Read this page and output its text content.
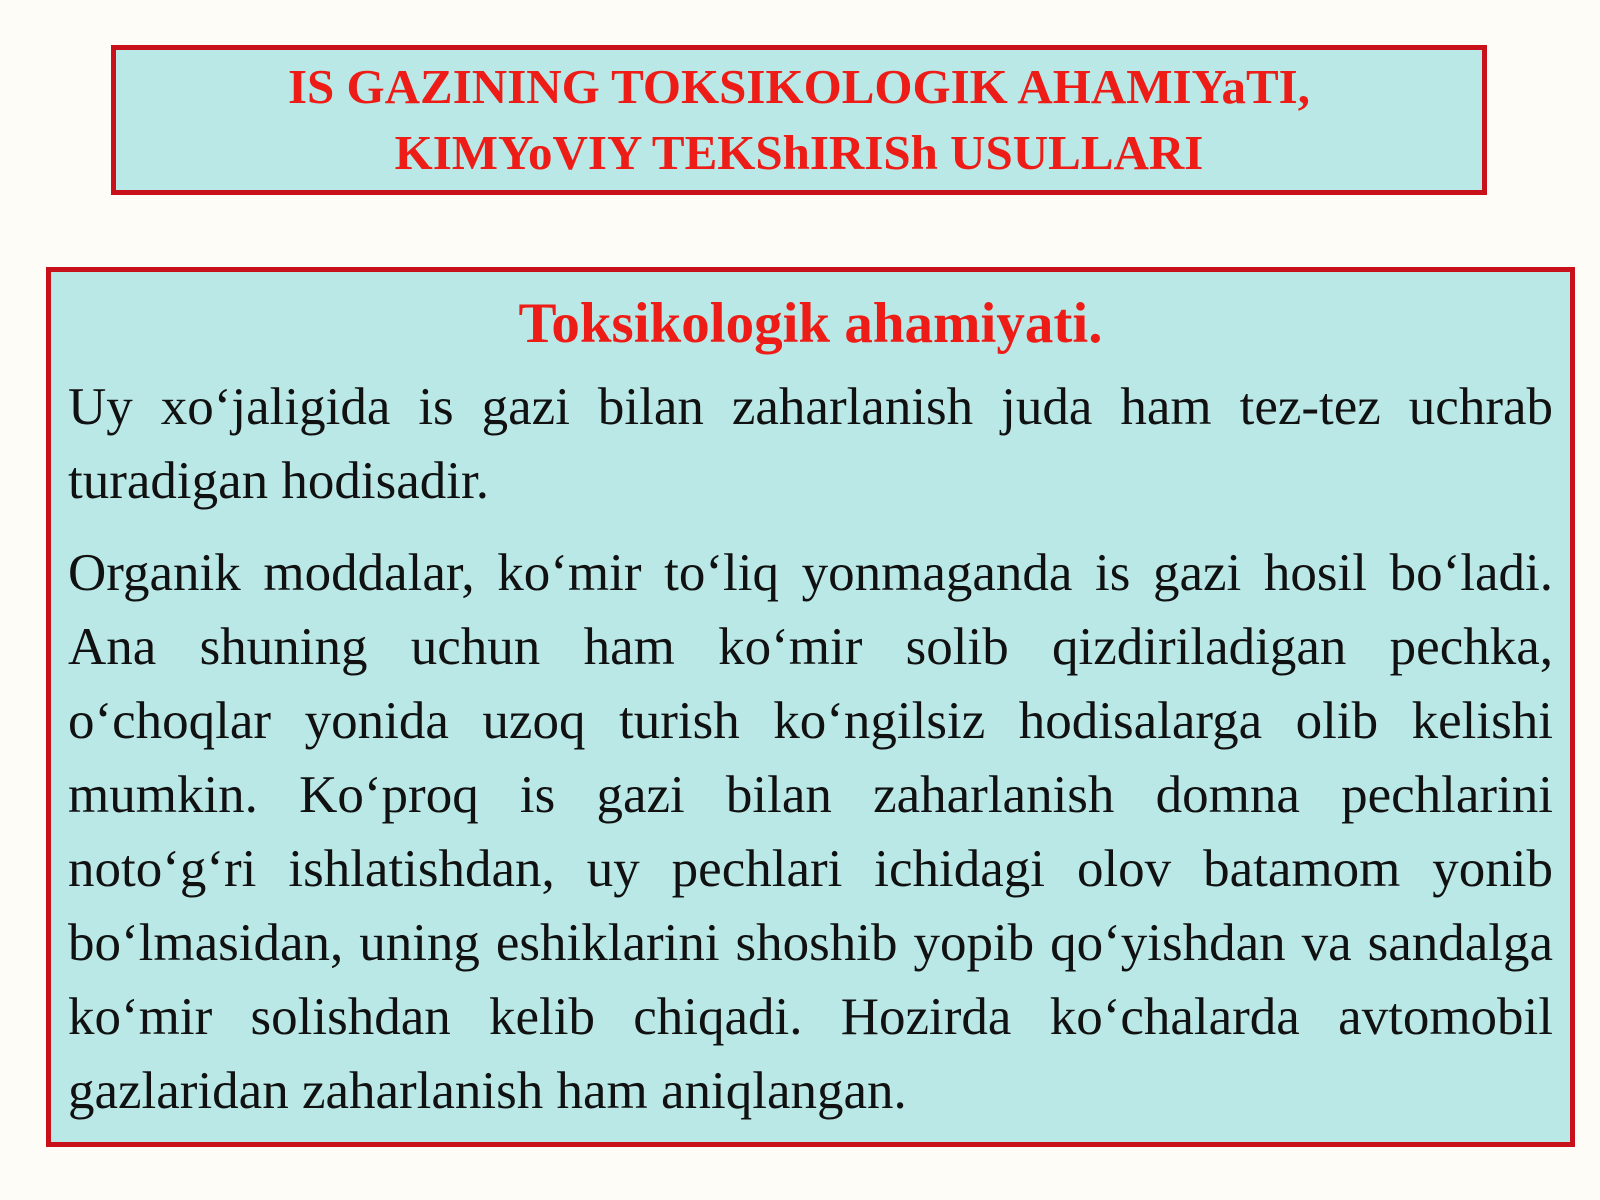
IS GAZINING TOKSIKOLOGIK AHAMIYaTI,
KIMYoVIY TEKShIRISh USULLARI
Toksikologik ahamiyati.

Uy xo‘jaligida is gazi bilan zaharlanish juda ham tez-tez uchrab turadigan hodisadir.

Organik moddalar, ko‘mir to‘liq yonmaganda is gazi hosil bo‘ladi. Ana shuning uchun ham ko‘mir solib qizdiriladigan pechka, o‘choqlar yonida uzoq turish ko‘ngilsiz hodisalarga olib kelishi mumkin. Ko‘proq is gazi bilan zaharlanish domna pechlarini noto‘g‘ri ishlatishdan, uy pechlari ichidagi olov batamom yonib bo‘lmasidan, uning eshiklarini shoshib yopib qo‘yishdan va sandalga ko‘mir solishdan kelib chiqadi. Hozirda ko‘chalarda avtomobil gazlaridan zaharlanish ham aniqlangan.
